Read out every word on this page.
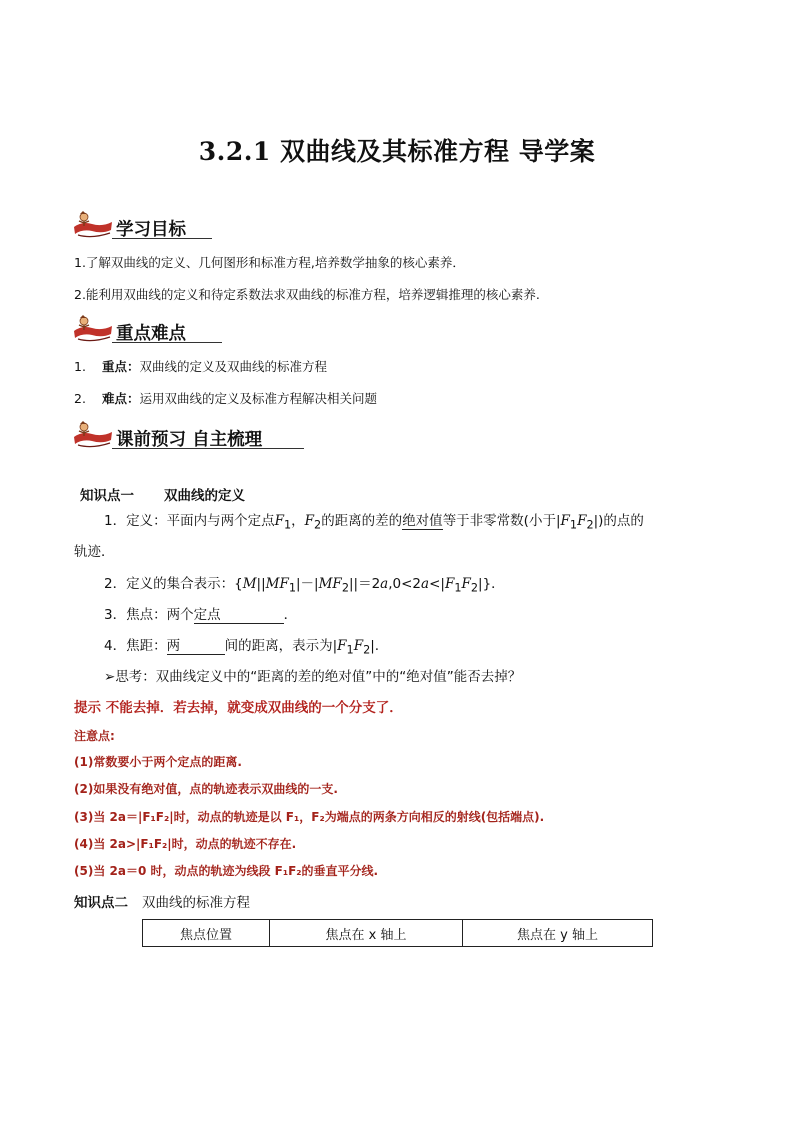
3.2.1 双曲线及其标准方程 导学案
学习目标
1.了解双曲线的定义、几何图形和标准方程,培养数学抽象的核心素养．
2.能利用双曲线的定义和待定系数法求双曲线的标准方程，培养逻辑推理的核心素养.
重点难点
1. 重点：双曲线的定义及双曲线的标准方程
2. 难点：运用双曲线的定义及标准方程解决相关问题
课前预习 自主梳理
知识点一 双曲线的定义
1．定义：平面内与两个定点$F_1$，$F_2$的距离的差的绝对值等于非零常数(小于$|F_1F_2|$)的点的
轨迹．
2．定义的集合表示：$\{M||MF_1|-|MF_2||=2a,0<2a<|F_1F_2|\}$．
3．焦点：两个定点	．
4．焦距：两	间的距离，表示为$|F_1F_2|$.
➢思考：双曲线定义中的“距离的差的绝对值”中的“绝对值”能否去掉？
提示 不能去掉．若去掉，就变成双曲线的一个分支了．
注意点:
(1)常数要小于两个定点的距离.
(2)如果没有绝对值，点的轨迹表示双曲线的一支.
(3)当 2a＝|F₁F₂|时，动点的轨迹是以 F₁，F₂为端点的两条方向相反的射线(包括端点).
(4)当 2a>|F₁F₂|时，动点的轨迹不存在.
(5)当 2a＝0 时，动点的轨迹为线段 F₁F₂的垂直平分线.
知识点二 双曲线的标准方程
焦点位置	焦点在 x 轴上	焦点在 y 轴上
